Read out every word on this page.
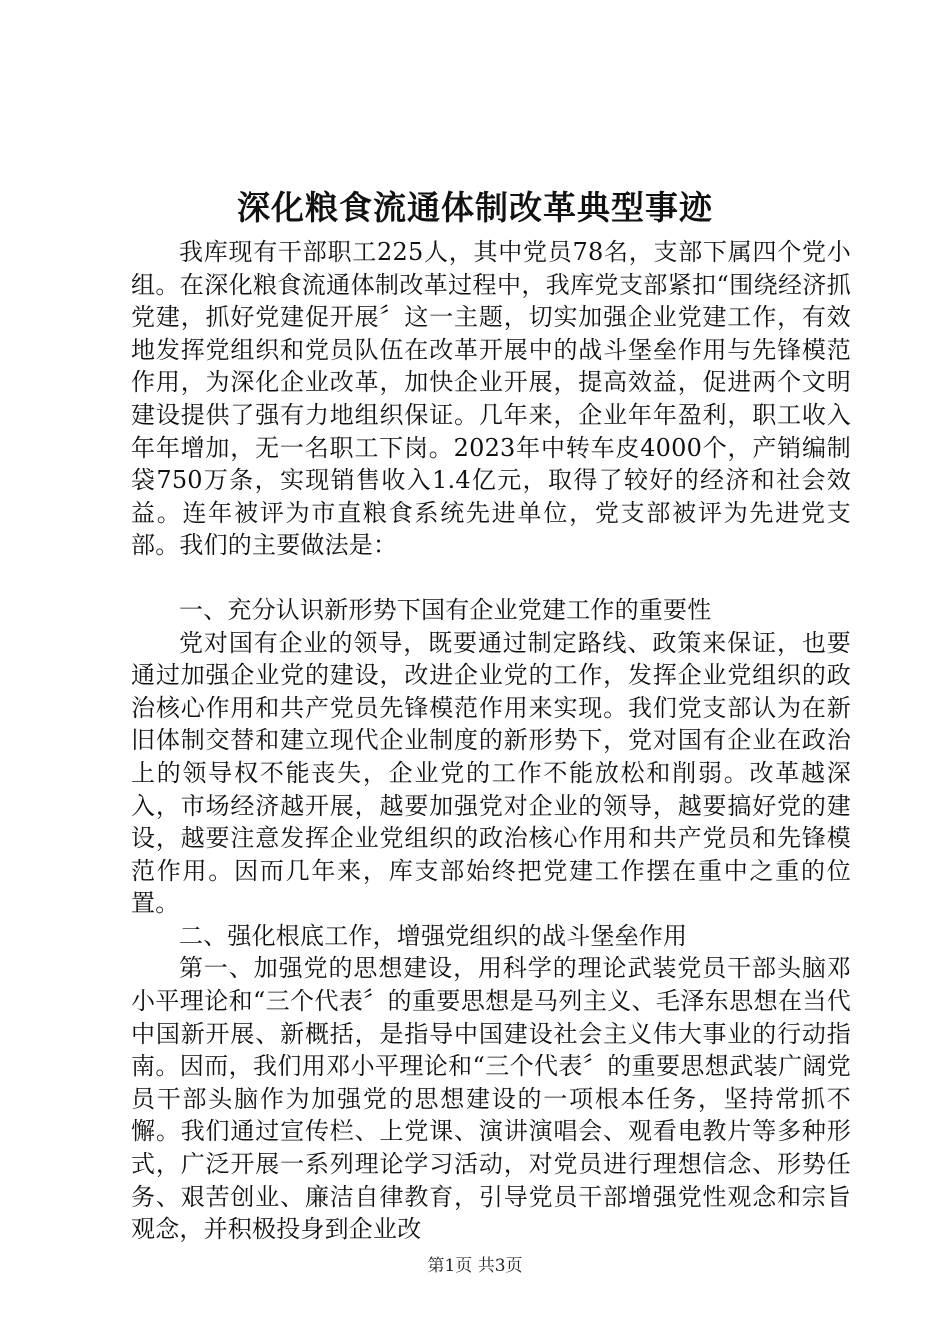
深化粮食流通体制改革典型事迹

我库现有干部职工225人，其中党员78名，支部下属四个党小组。在深化粮食流通体制改革过程中，我库党支部紧扣“围绕经济抓党建，抓好党建促开展〞这一主题，切实加强企业党建工作，有效地发挥党组织和党员队伍在改革开展中的战斗堡垒作用与先锋模范作用，为深化企业改革，加快企业开展，提高效益，促进两个文明建设提供了强有力地组织保证。几年来，企业年年盈利，职工收入年年增加，无一名职工下岗。2023年中转车皮4000个，产销编制袋750万条，实现销售收入1.4亿元，取得了较好的经济和社会效益。连年被评为市直粮食系统先进单位，党支部被评为先进党支部。我们的主要做法是：

一、充分认识新形势下国有企业党建工作的重要性

党对国有企业的领导，既要通过制定路线、政策来保证，也要通过加强企业党的建设，改进企业党的工作，发挥企业党组织的政治核心作用和共产党员先锋模范作用来实现。我们党支部认为在新旧体制交替和建立现代企业制度的新形势下，党对国有企业在政治上的领导权不能丧失，企业党的工作不能放松和削弱。改革越深入，市场经济越开展，越要加强党对企业的领导，越要搞好党的建设，越要注意发挥企业党组织的政治核心作用和共产党员和先锋模范作用。因而几年来，库支部始终把党建工作摆在重中之重的位置。

二、强化根底工作，增强党组织的战斗堡垒作用

第一、加强党的思想建设，用科学的理论武装党员干部头脑邓小平理论和“三个代表〞的重要思想是马列主义、毛泽东思想在当代中国新开展、新概括，是指导中国建设社会主义伟大事业的行动指南。因而，我们用邓小平理论和“三个代表〞的重要思想武装广阔党员干部头脑作为加强党的思想建设的一项根本任务，坚持常抓不懈。我们通过宣传栏、上党课、演讲演唱会、观看电教片等多种形式，广泛开展一系列理论学习活动，对党员进行理想信念、形势任务、艰苦创业、廉洁自律教育，引导党员干部增强党性观念和宗旨观念，并积极投身到企业改

第1页 共3页
